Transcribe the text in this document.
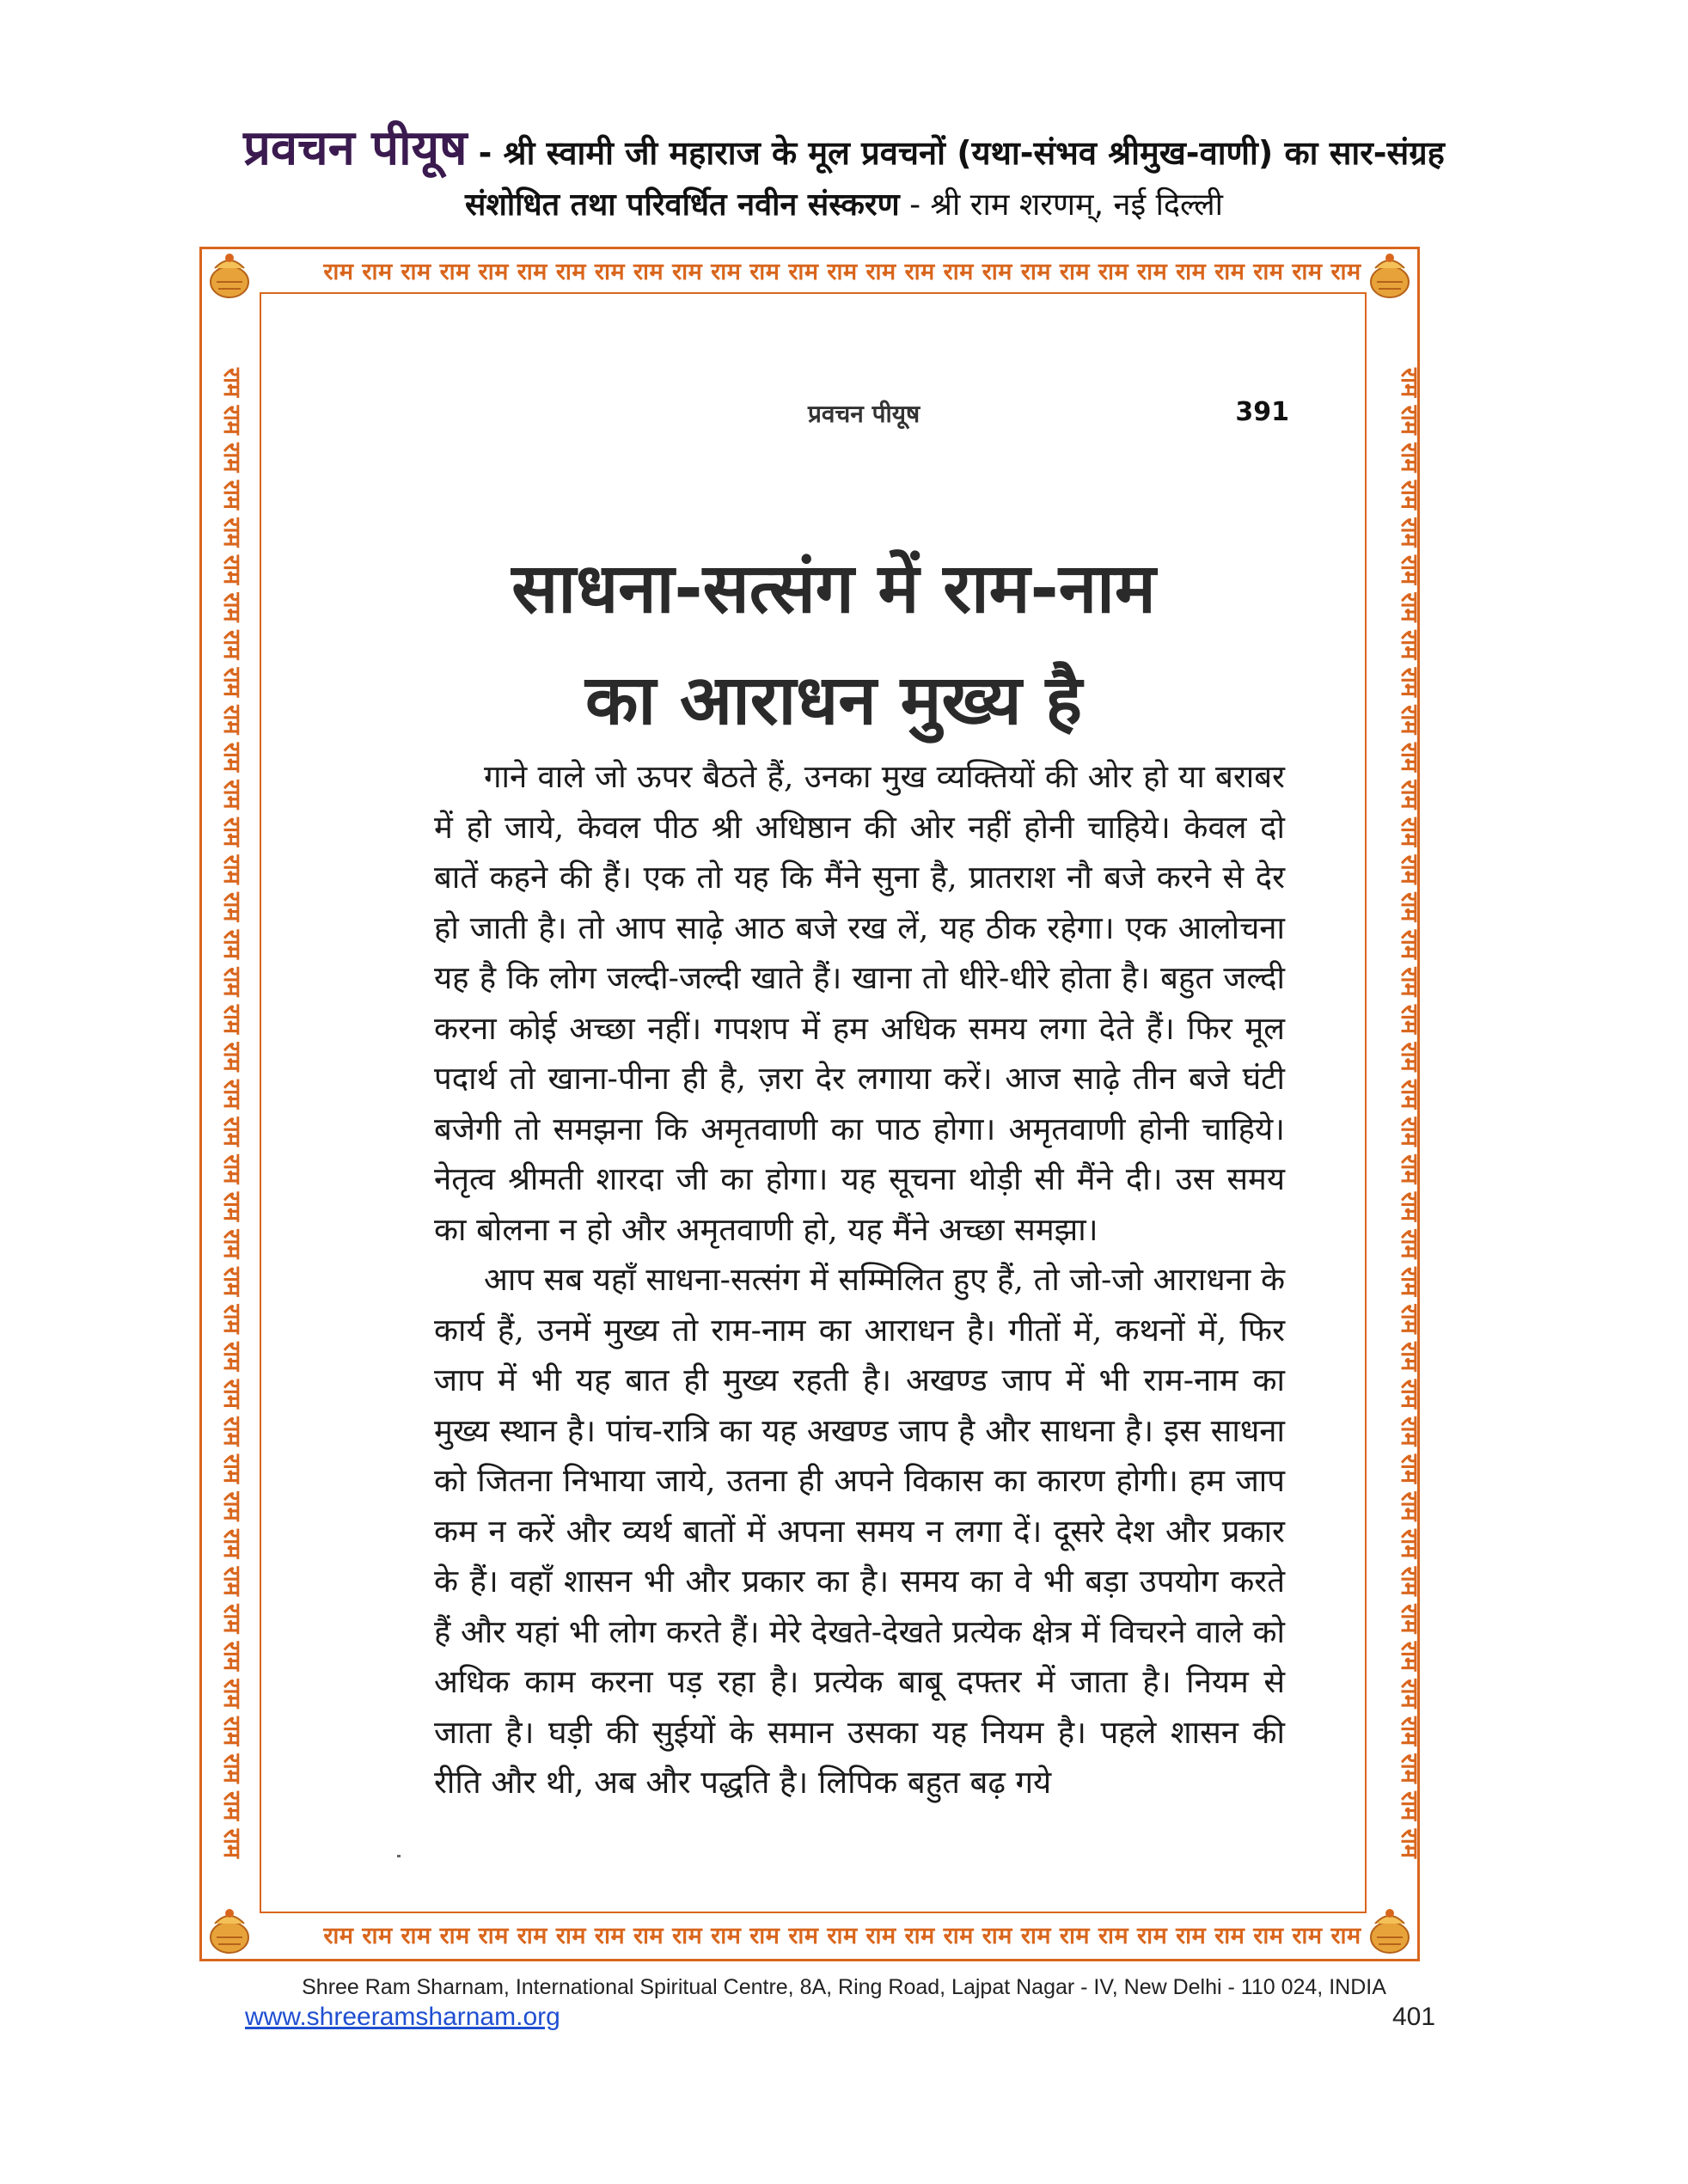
प्रवचन पीयूष - श्री स्वामी जी महाराज के मूल प्रवचनों (यथा-संभव श्रीमुख-वाणी) का सार-संग्रह
संशोधित तथा परिवर्धित नवीन संस्करण - श्री राम शरणम्, नई दिल्ली
राम राम राम राम राम राम राम राम राम राम राम राम राम राम राम राम राम राम राम राम राम राम राम राम राम राम राम
राम राम राम राम राम राम राम राम राम राम राम राम राम राम राम राम राम राम राम राम राम राम राम राम राम राम राम
राम राम राम राम राम राम राम राम राम राम राम राम राम राम राम राम राम राम राम राम राम राम राम राम राम राम राम राम राम राम राम राम राम राम राम राम राम राम राम राम	राम राम राम राम राम राम राम राम राम राम राम राम राम राम राम राम राम राम राम राम राम राम राम राम राम राम राम राम राम राम राम राम राम राम राम राम राम राम राम राम
प्रवचन पीयूष	391
साधना-सत्संग में राम-नाम
का आराधन मुख्य है

गाने वाले जो ऊपर बैठते हैं, उनका मुख व्यक्तियों की ओर हो या बराबर में हो जाये, केवल पीठ श्री अधिष्ठान की ओर नहीं होनी चाहिये। केवल दो बातें कहने की हैं। एक तो यह कि मैंने सुना है, प्रातराश नौ बजे करने से देर हो जाती है। तो आप साढ़े आठ बजे रख लें, यह ठीक रहेगा। एक आलोचना यह है कि लोग जल्दी-जल्दी खाते हैं। खाना तो धीरे-धीरे होता है। बहुत जल्दी करना कोई अच्छा नहीं। गपशप में हम अधिक समय लगा देते हैं। फिर मूल पदार्थ तो खाना-पीना ही है, ज़रा देर लगाया करें। आज साढ़े तीन बजे घंटी बजेगी तो समझना कि अमृतवाणी का पाठ होगा। अमृतवाणी होनी चाहिये। नेतृत्व श्रीमती शारदा जी का होगा। यह सूचना थोड़ी सी मैंने दी। उस समय का बोलना न हो और अमृतवाणी हो, यह मैंने अच्छा समझा।

आप सब यहाँ साधना-सत्संग में सम्मिलित हुए हैं, तो जो-जो आराधना के कार्य हैं, उनमें मुख्य तो राम-नाम का आराधन है। गीतों में, कथनों में, फिर जाप में भी यह बात ही मुख्य रहती है। अखण्ड जाप में भी राम-नाम का मुख्य स्थान है। पांच-रात्रि का यह अखण्ड जाप है और साधना है। इस साधना को जितना निभाया जाये, उतना ही अपने विकास का कारण होगी। हम जाप कम न करें और व्यर्थ बातों में अपना समय न लगा दें। दूसरे देश और प्रकार के हैं। वहाँ शासन भी और प्रकार का है। समय का वे भी बड़ा उपयोग करते हैं और यहां भी लोग करते हैं। मेरे देखते-देखते प्रत्येक क्षेत्र में विचरने वाले को अधिक काम करना पड़ रहा है। प्रत्येक बाबू दफ्तर में जाता है। नियम से जाता है। घड़ी की सुईयों के समान उसका यह नियम है। पहले शासन की रीति और थी, अब और पद्धति है। लिपिक बहुत बढ़ गये

Shree Ram Sharnam, International Spiritual Centre, 8A, Ring Road, Lajpat Nagar - IV, New Delhi - 110 024, INDIA
www.shreeramsharnam.org	401
